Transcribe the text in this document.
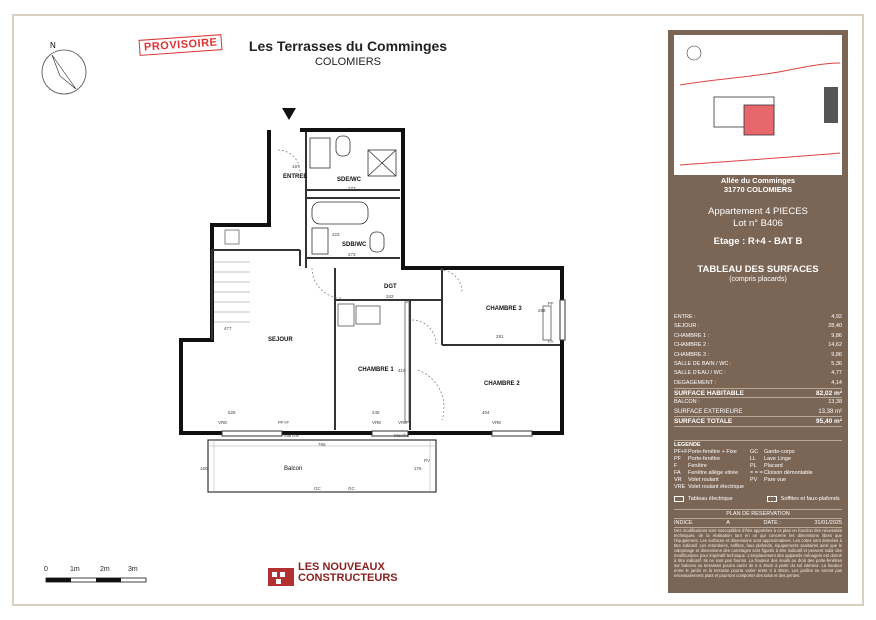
PROVISOIRE	Les Terrasses du Comminges
COLOMIERS
N
ENTREE	SDE/WC
SDB/WC
DGT
SEJOUR
CHAMBRE 1
CHAMBRE 2
CHAMBRE 3
Balcon
187
273
273
223
342
288
281
477
419
526	245	404
765
175
150
PF
FA
VRE	PF+F	VRE	VRE	VRE
Marche	Marche
GC	GC
PV
0	1m	2m	3m	LES NOUVEAUX
CONSTRUCTEURS
Allée du Comminges
31770 COLOMIERS
Appartement 4 PIECES
Lot n° B406
Etage : R+4 - BAT B
TABLEAU DES SURFACES
(compris placards)
ENTRE :	4,92
SEJOUR :	28,40
CHAMBRE 1 :	9,86
CHAMBRE 2 :	14,62
CHAMBRE 3 :	9,86
SALLE DE BAIN / WC :	5,36
SALLE D'EAU / WC :	4,77
DEGAGEMENT :	4,14
SURFACE HABITABLE	82,02 m²
BALCON :	13,38
SURFACE EXTERIEURE	13,38 m²
SURFACE TOTALE	95,40 m²
LEGENDE
PF+F Porte-fenêtre + Fixe	GC	Garde-corps
PF	Porte-fenêtre	LL	Lave Linge
F	Fenêtre	PL	Placard
FA	Fenêtre allège vitrée	= = = Cloison démontable
VR	Volet roulant	PV	Pare vue
VRE Volet roulant électrique
Tableau électrique	Soffites et faux-plafonds
PLAN DE RESERVATION
INDICE	A	DATE :	31/01/2025
Des modifications sont susceptibles d'être apportées à ce plan en fonction des nécessités techniques, de la réalisation tant en ce qui concerne les dimensions libres que l'équipement. Les surfaces et dimensions sont approximatives. Les cotes sont données à titre indicatif. Les retombées, soffites, faux plafonds, équipements sanitaires ainsi que le calepinage et dimensions des carrelages sont figurés à titre indicatif et peuvent subir des modifications pour impératif technique. L'emplacement des appareils ménagers est donné à titre indicatif. Ils ne sont pas fournis. La hauteur des seuils au droit des porte-fenêtres sur balcons ou terrasses pourra varier de 5 à 35cm à partir du sol intérieur. La hauteur entre le jardin et la terrasse pourra varier entre 0 à 60cm. Les jardins ne seront pas nécessairement plats et pourront comporter des talus et des pentes.
